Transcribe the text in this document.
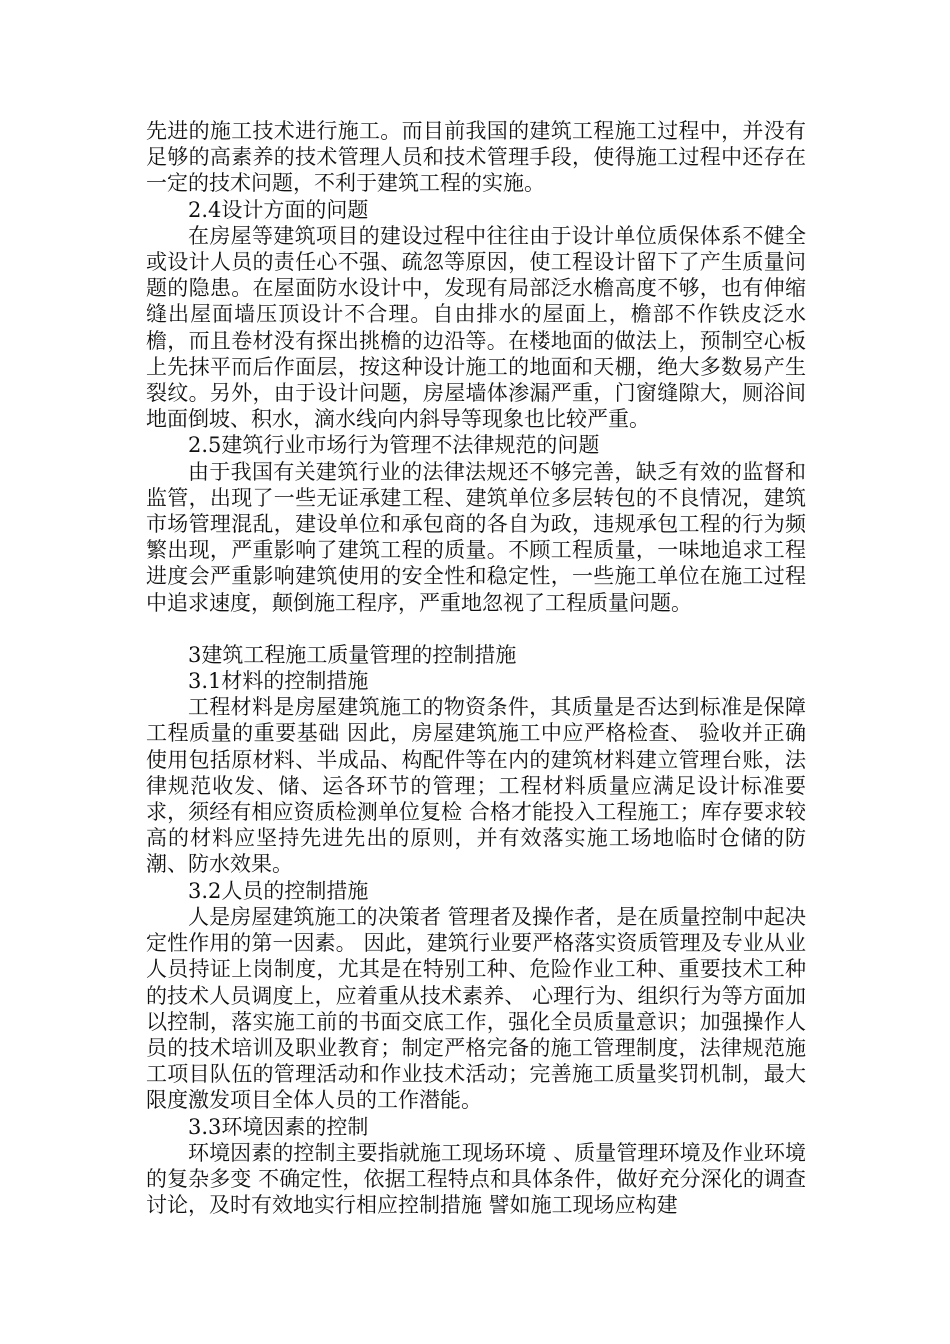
先进的施工技术进行施工。而目前我国的建筑工程施工过程中，并没有足够的高素养的技术管理人员和技术管理手段，使得施工过程中还存在一定的技术问题，不利于建筑工程的实施。

2.4设计方面的问题

在房屋等建筑项目的建设过程中往往由于设计单位质保体系不健全或设计人员的责任心不强、疏忽等原因，使工程设计留下了产生质量问题的隐患。在屋面防水设计中，发现有局部泛水檐高度不够，也有伸缩缝出屋面墙压顶设计不合理。自由排水的屋面上，檐部不作铁皮泛水檐，而且卷材没有探出挑檐的边沿等。在楼地面的做法上，预制空心板上先抹平而后作面层，按这种设计施工的地面和天棚，绝大多数易产生裂纹。另外，由于设计问题，房屋墙体渗漏严重，门窗缝隙大，厕浴间地面倒坡、积水，滴水线向内斜导等现象也比较严重。

2.5建筑行业市场行为管理不法律规范的问题

由于我国有关建筑行业的法律法规还不够完善，缺乏有效的监督和监管，出现了一些无证承建工程、建筑单位多层转包的不良情况，建筑市场管理混乱，建设单位和承包商的各自为政，违规承包工程的行为频繁出现，严重影响了建筑工程的质量。不顾工程质量，一味地追求工程进度会严重影响建筑使用的安全性和稳定性，一些施工单位在施工过程中追求速度，颠倒施工程序，严重地忽视了工程质量问题。

3建筑工程施工质量管理的控制措施

3.1材料的控制措施

工程材料是房屋建筑施工的物资条件，其质量是否达到标准是保障工程质量的重要基础 因此，房屋建筑施工中应严格检查、 验收并正确使用包括原材料、半成品、构配件等在内的建筑材料建立管理台账，法律规范收发、储、运各环节的管理；工程材料质量应满足设计标准要求，须经有相应资质检测单位复检 合格才能投入工程施工；库存要求较高的材料应坚持先进先出的原则，并有效落实施工场地临时仓储的防潮、防水效果。

3.2人员的控制措施

人是房屋建筑施工的决策者 管理者及操作者，是在质量控制中起决定性作用的第一因素。 因此，建筑行业要严格落实资质管理及专业从业人员持证上岗制度，尤其是在特别工种、危险作业工种、重要技术工种的技术人员调度上，应着重从技术素养、 心理行为、组织行为等方面加以控制，落实施工前的书面交底工作，强化全员质量意识；加强操作人员的技术培训及职业教育；制定严格完备的施工管理制度，法律规范施工项目队伍的管理活动和作业技术活动；完善施工质量奖罚机制，最大限度激发项目全体人员的工作潜能。

3.3环境因素的控制

环境因素的控制主要指就施工现场环境 、质量管理环境及作业环境的复杂多变 不确定性，依据工程特点和具体条件，做好充分深化的调查讨论，及时有效地实行相应控制措施 譬如施工现场应构建
